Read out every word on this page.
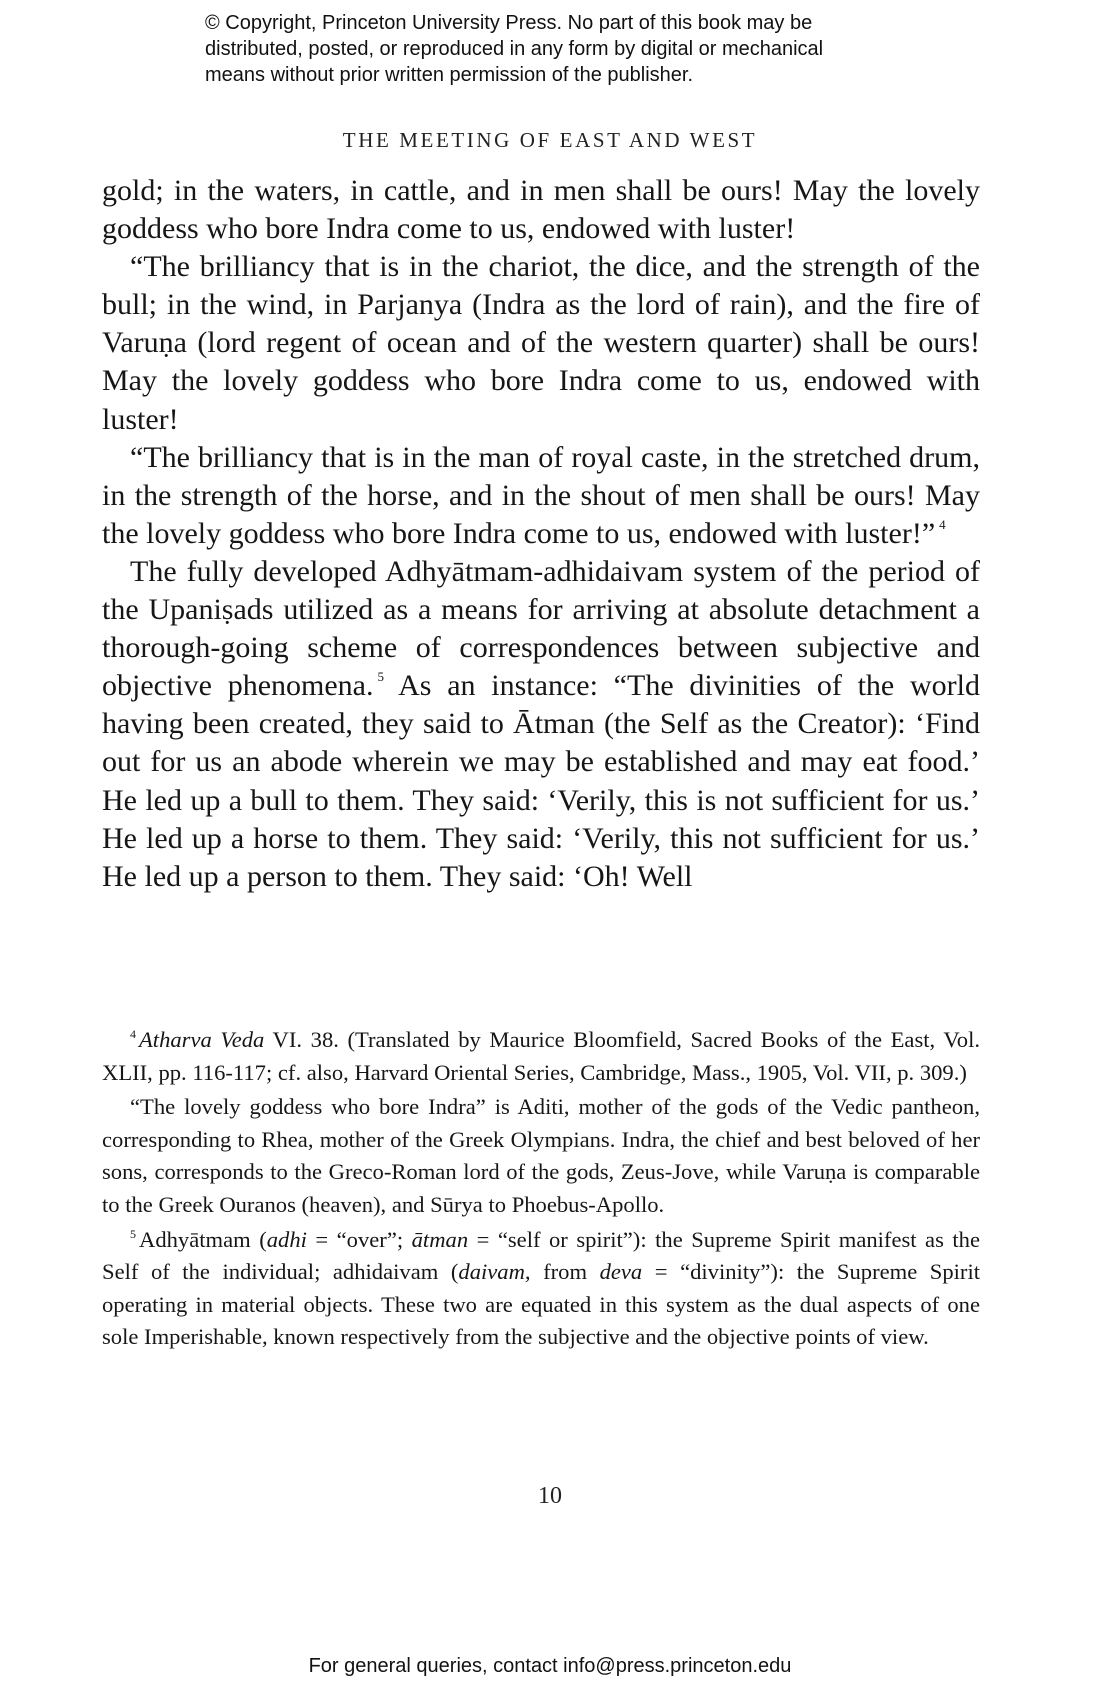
© Copyright, Princeton University Press. No part of this book may be
distributed, posted, or reproduced in any form by digital or mechanical
means without prior written permission of the publisher.
THE MEETING OF EAST AND WEST

gold; in the waters, in cattle, and in men shall be ours! May the lovely goddess who bore Indra come to us, endowed with luster!

“The brilliancy that is in the chariot, the dice, and the strength of the bull; in the wind, in Parjanya (Indra as the lord of rain), and the fire of Varuṇa (lord regent of ocean and of the western quarter) shall be ours! May the lovely goddess who bore Indra come to us, endowed with luster!

“The brilliancy that is in the man of royal caste, in the stretched drum, in the strength of the horse, and in the shout of men shall be ours! May the lovely goddess who bore Indra come to us, endowed with luster!” $^4$

The fully developed Adhyātmam-adhidaivam system of the period of the Upaniṣads utilized as a means for arriving at absolute detachment a thorough-going scheme of correspondences between subjective and objective phenomena. $^5$ As an instance: “The divinities of the world having been created, they said to Ātman (the Self as the Creator): ‘Find out for us an abode wherein we may be established and may eat food.’ He led up a bull to them. They said: ‘Verily, this is not sufficient for us.’ He led up a horse to them. They said: ‘Verily, this not sufficient for us.’ He led up a person to them. They said: ‘Oh! Well

$^4$ Atharva Veda VI. 38. (Translated by Maurice Bloomfield, Sacred Books of the East, Vol. XLII, pp. 116-117; cf. also, Harvard Oriental Series, Cambridge, Mass., 1905, Vol. VII, p. 309.)

“The lovely goddess who bore Indra” is Aditi, mother of the gods of the Vedic pantheon, corresponding to Rhea, mother of the Greek Olympians. Indra, the chief and best beloved of her sons, corresponds to the Greco-Roman lord of the gods, Zeus-Jove, while Varuṇa is comparable to the Greek Ouranos (heaven), and Sūrya to Phoebus-Apollo.

$^5$ Adhyātmam (adhi = “over”; ātman = “self or spirit”): the Supreme Spirit manifest as the Self of the individual; adhidaivam (daivam, from deva = “divinity”): the Supreme Spirit operating in material objects. These two are equated in this system as the dual aspects of one sole Imperishable, known respectively from the subjective and the objective points of view.

10
For general queries, contact info@press.princeton.edu
